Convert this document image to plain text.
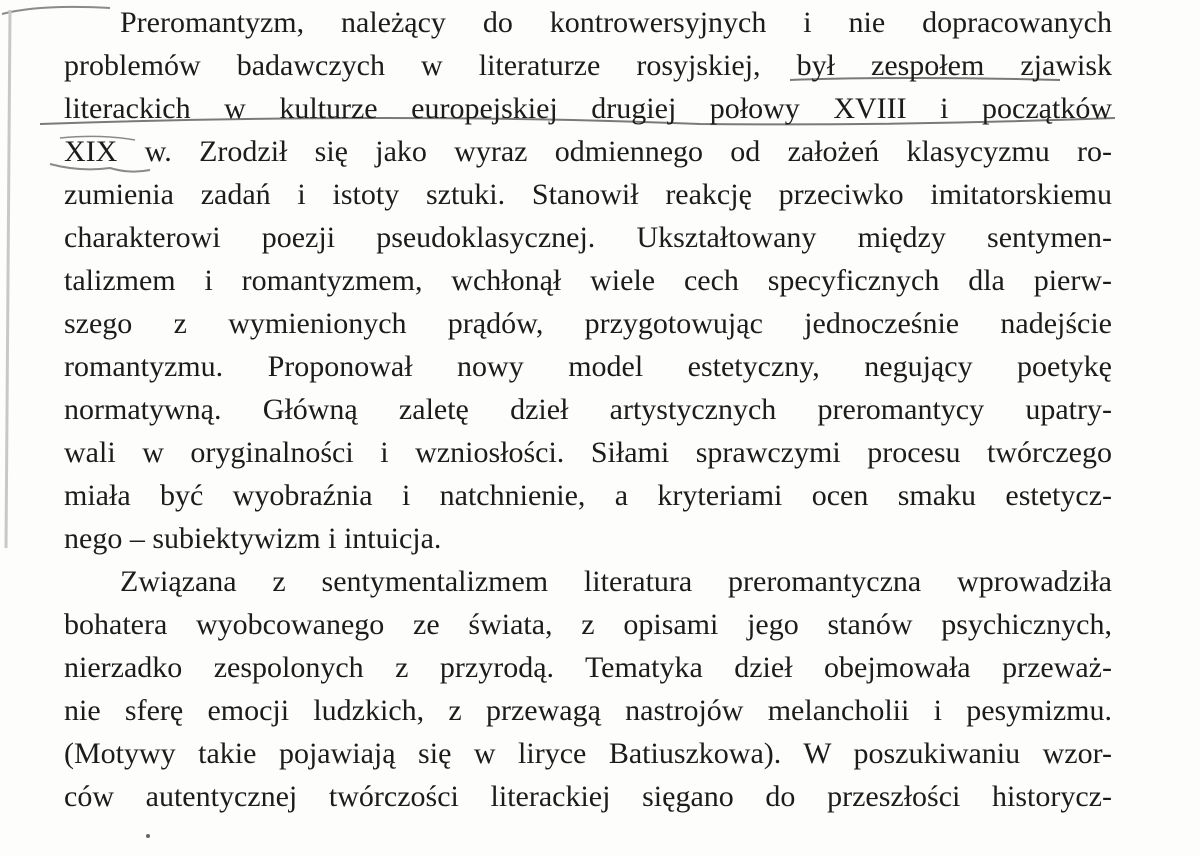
Preromantyzm, należący do kontrowersyjnych i nie dopracowanych
problemów badawczych w literaturze rosyjskiej, był zespołem zjawisk
literackich w kulturze europejskiej drugiej połowy XVIII i początków
XIX w. Zrodził się jako wyraz odmiennego od założeń klasycyzmu ro-
zumienia zadań i istoty sztuki. Stanowił reakcję przeciwko imitatorskiemu
charakterowi poezji pseudoklasycznej. Ukształtowany między sentymen-
talizmem i romantyzmem, wchłonął wiele cech specyficznych dla pierw-
szego z wymienionych prądów, przygotowując jednocześnie nadejście
romantyzmu. Proponował nowy model estetyczny, negujący poetykę
normatywną. Główną zaletę dzieł artystycznych preromantycy upatry-
wali w oryginalności i wzniosłości. Siłami sprawczymi procesu twórczego
miała być wyobraźnia i natchnienie, a kryteriami ocen smaku estetycz-
nego – subiektywizm i intuicja.
Związana z sentymentalizmem literatura preromantyczna wprowadziła
bohatera wyobcowanego ze świata, z opisami jego stanów psychicznych,
nierzadko zespolonych z przyrodą. Tematyka dzieł obejmowała przeważ-
nie sferę emocji ludzkich, z przewagą nastrojów melancholii i pesymizmu.
(Motywy takie pojawiają się w liryce Batiuszkowa). W poszukiwaniu wzor-
ców autentycznej twórczości literackiej sięgano do przeszłości historycz-
